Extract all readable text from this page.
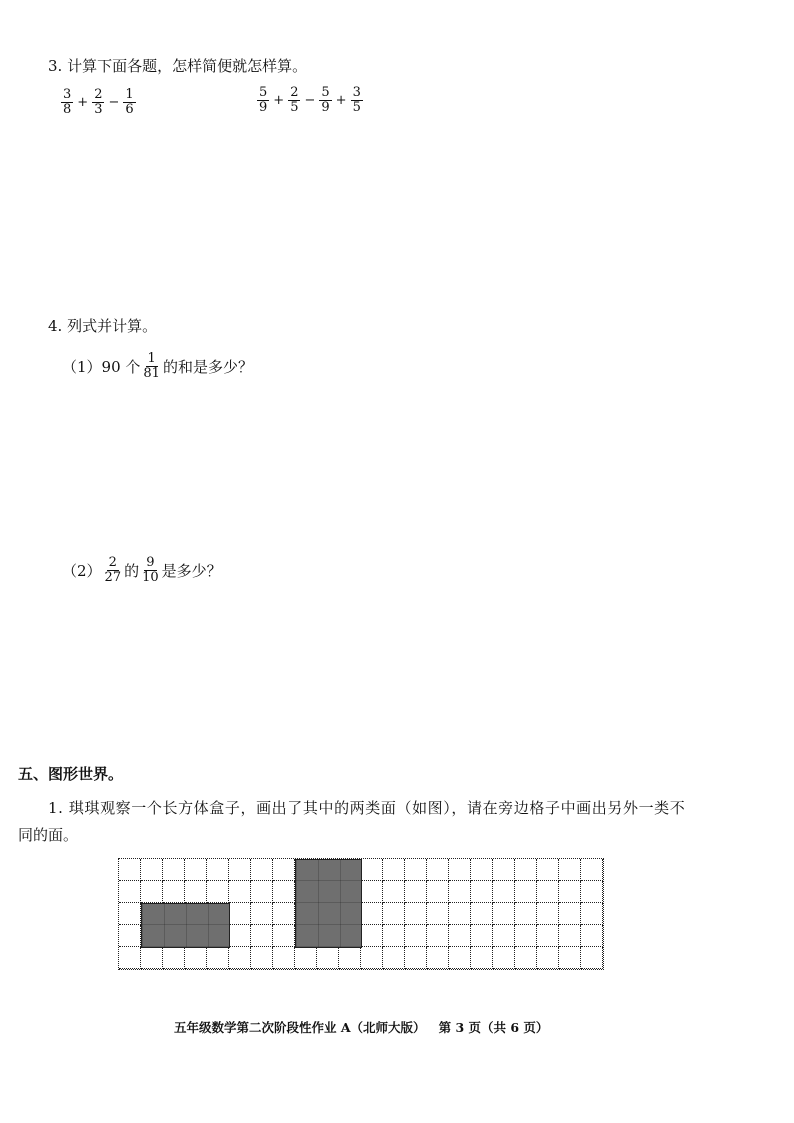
3. 计算下面各题，怎样简便就怎样算。
$\frac{3}{8} + \frac{2}{3} - \frac{1}{6}$	$\frac{5}{9} + \frac{2}{5} - \frac{5}{9} + \frac{3}{5}$
4. 列式并计算。
（1）90 个 $\frac{1}{81}$ 的和是多少？
$(2) \frac{2}{27}$ 的 $\frac{9}{10}$ 是多少？
五、图形世界。
1. 琪琪观察一个长方体盒子，画出了其中的两类面（如图），请在旁边格子中画出另外一类不
同的面。
五年级数学第二次阶段性作业 A（北师大版）   第 3 页（共 6 页）
